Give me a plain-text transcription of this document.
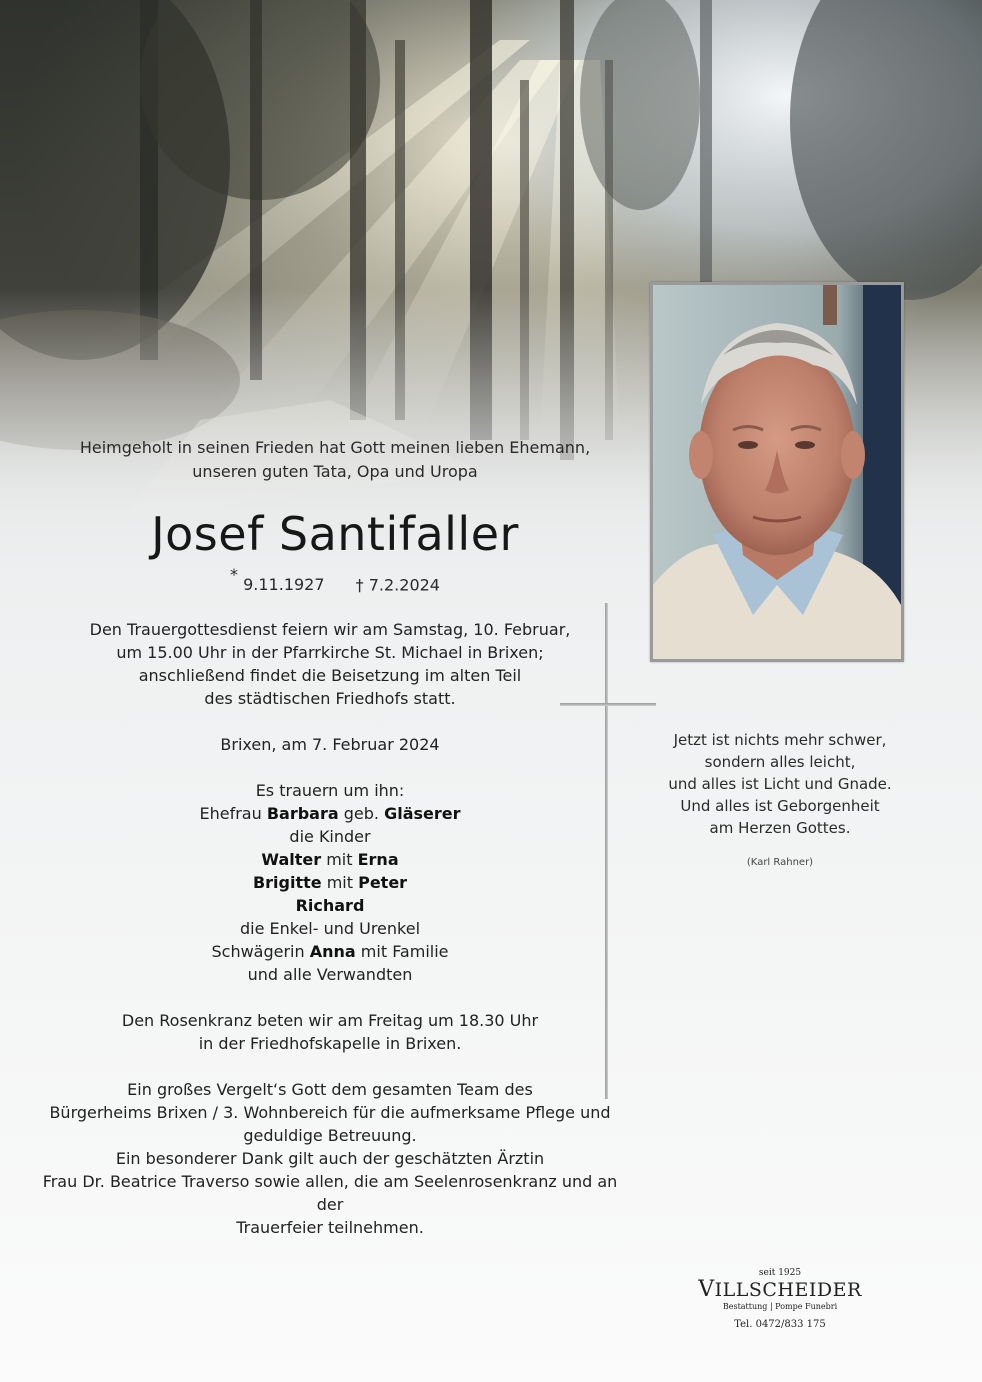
Heimgeholt in seinen Frieden hat Gott meinen lieben Ehemann,
unseren guten Tata, Opa und Uropa
Josef Santifaller
* 9.11.1927 † 7.2.2024

Den Trauergottesdienst feiern wir am Samstag, 10. Februar,

um 15.00 Uhr in der Pfarrkirche St. Michael in Brixen;

anschließend findet die Beisetzung im alten Teil

des städtischen Friedhofs statt.

Brixen, am 7. Februar 2024

Es trauern um ihn:

Ehefrau Barbara geb. Gläserer

die Kinder

Walter mit Erna

Brigitte mit Peter

Richard

die Enkel- und Urenkel

Schwägerin Anna mit Familie

und alle Verwandten

Den Rosenkranz beten wir am Freitag um 18.30 Uhr

in der Friedhofskapelle in Brixen.

Ein großes Vergelt‘s Gott dem gesamten Team des

Bürgerheims Brixen / 3. Wohnbereich für die aufmerksame Pflege und

geduldige Betreuung.

Ein besonderer Dank gilt auch der geschätzten Ärztin

Frau Dr. Beatrice Traverso sowie allen, die am Seelenrosenkranz und an der

Trauerfeier teilnehmen.

Jetzt ist nichts mehr schwer,

sondern alles leicht,

und alles ist Licht und Gnade.

Und alles ist Geborgenheit

am Herzen Gottes.

(Karl Rahner)

seit 1925
VILLSCHEIDER
Bestattung | Pompe Funebri
Tel. 0472/833 175
